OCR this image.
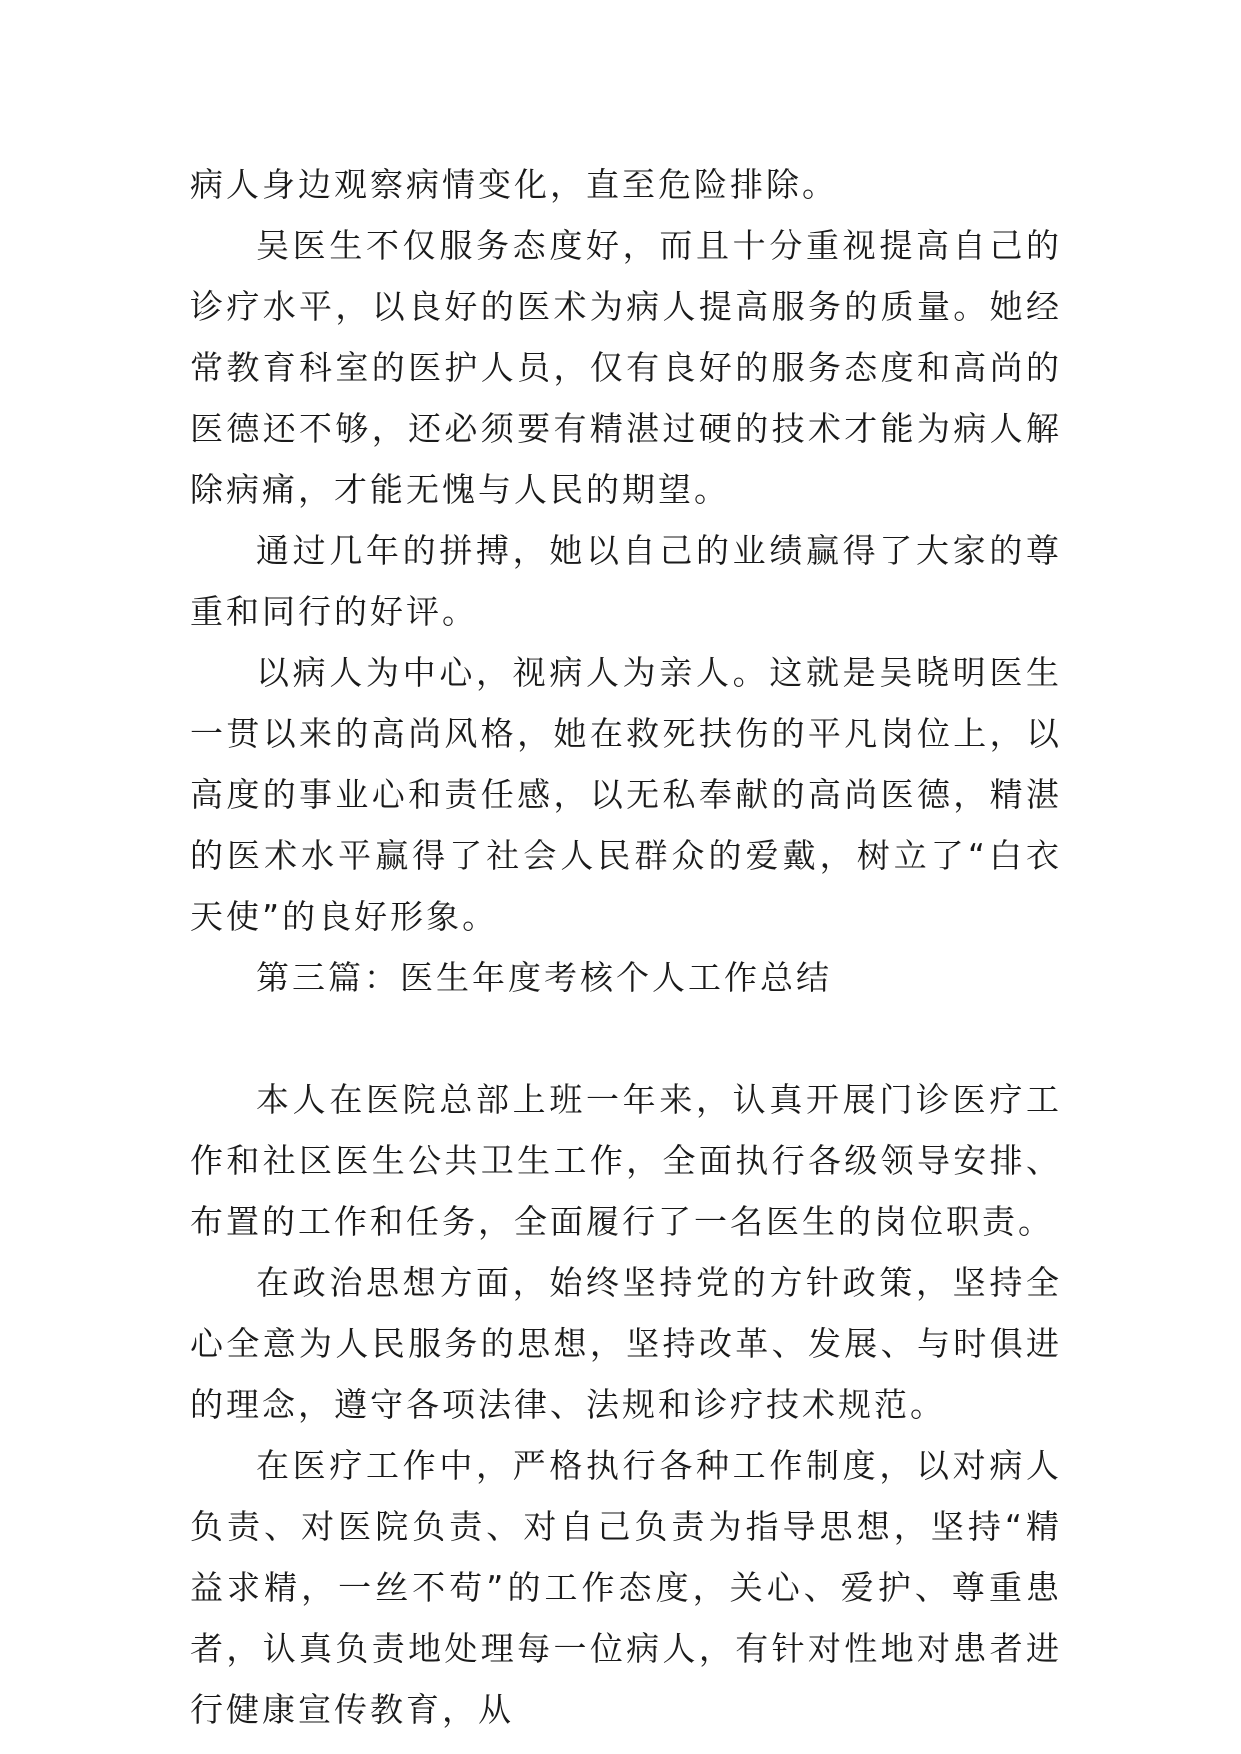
病人身边观察病情变化，直至危险排除。

吴医生不仅服务态度好，而且十分重视提高自己的诊疗水平，以良好的医术为病人提高服务的质量。她经常教育科室的医护人员，仅有良好的服务态度和高尚的医德还不够，还必须要有精湛过硬的技术才能为病人解除病痛，才能无愧与人民的期望。

通过几年的拼搏，她以自己的业绩赢得了大家的尊重和同行的好评。

以病人为中心，视病人为亲人。这就是吴晓明医生一贯以来的高尚风格，她在救死扶伤的平凡岗位上，以高度的事业心和责任感，以无私奉献的高尚医德，精湛的医术水平赢得了社会人民群众的爱戴，树立了“白衣天使”的良好形象。

第三篇：医生年度考核个人工作总结

本人在医院总部上班一年来，认真开展门诊医疗工作和社区医生公共卫生工作，全面执行各级领导安排、布置的工作和任务，全面履行了一名医生的岗位职责。

在政治思想方面，始终坚持党的方针政策，坚持全心全意为人民服务的思想，坚持改革、发展、与时俱进的理念，遵守各项法律、法规和诊疗技术规范。

在医疗工作中，严格执行各种工作制度，以对病人负责、对医院负责、对自己负责为指导思想，坚持“精益求精，一丝不苟”的工作态度，关心、爱护、尊重患者，认真负责地处理每一位病人，有针对性地对患者进行健康宣传教育，从
